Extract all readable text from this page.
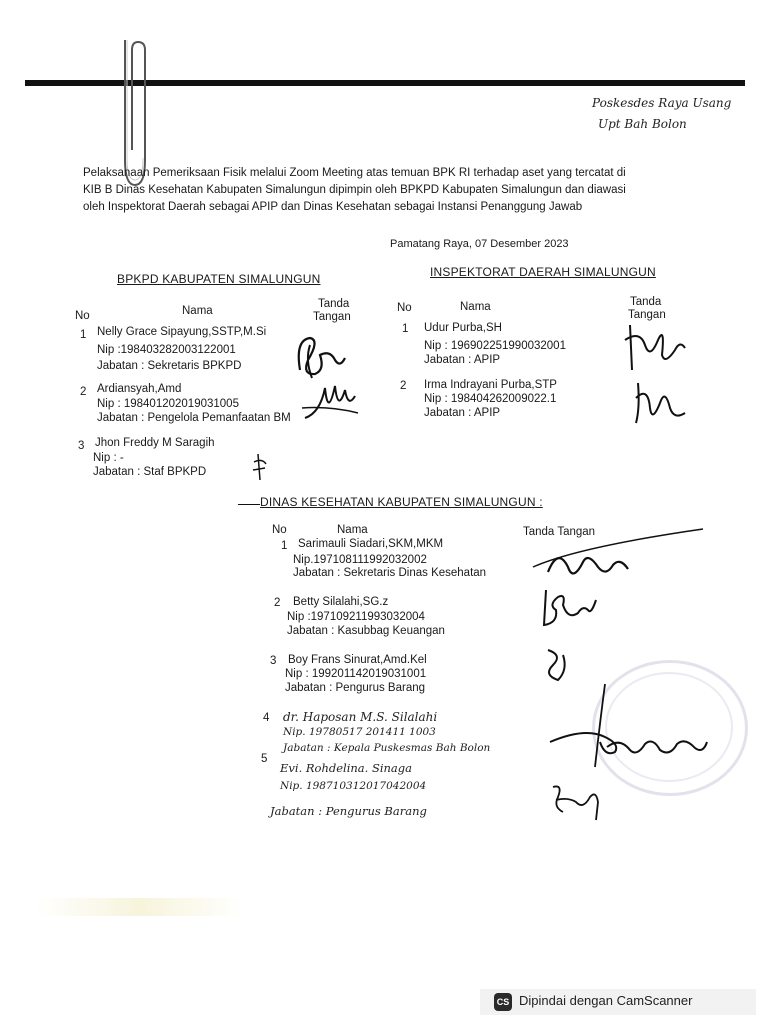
Poskesdes Raya Usang
Upt Bah Bolon
Pelaksanaan Pemeriksaan Fisik melalui Zoom Meeting atas temuan BPK RI terhadap aset yang tercatat di
KIB B Dinas Kesehatan Kabupaten Simalungun dipimpin oleh BPKPD Kabupaten Simalungun dan diawasi
oleh Inspektorat Daerah sebagai APIP dan Dinas Kesehatan sebagai Instansi Penanggung Jawab
Pamatang Raya, 07 Desember 2023
BPKPD KABUPATEN SIMALUNGUN
No	Nama
Tanda
Tangan
1 Nelly Grace Sipayung,SSTP,M.Si
Nip :198403282003122001
Jabatan : Sekretaris BPKPD
2 Ardiansyah,Amd
Nip : 198401202019031005
Jabatan : Pengelola Pemanfaatan BM
3 Jhon Freddy M Saragih
Nip : -
Jabatan : Staf BPKPD
INSPEKTORAT DAERAH SIMALUNGUN
No	Nama	Tanda
Tangan
1 Udur Purba,SH
Nip : 196902251990032001
Jabatan : APIP
2 Irma Indrayani Purba,STP
Nip : 198404262009022.1
Jabatan : APIP
DINAS KESEHATAN KABUPATEN SIMALUNGUN :
No	Nama	Tanda Tangan
1 Sarimauli Siadari,SKM,MKM
Nip.197108111992032002
Jabatan : Sekretaris Dinas Kesehatan
2 Betty Silalahi,SG.z
Nip :197109211993032004
Jabatan : Kasubbag Keuangan
3 Boy Frans Sinurat,Amd.Kel
Nip : 199201142019031001
Jabatan : Pengurus Barang
4 dr. Haposan M.S. Silalahi
Nip. 19780517 201411 1003
Jabatan : Kepala Puskesmas Bah Bolon
5
Evi. Rohdelina. Sinaga
Nip. 198710312017042004
Jabatan : Pengurus Barang
CS Dipindai dengan CamScanner
